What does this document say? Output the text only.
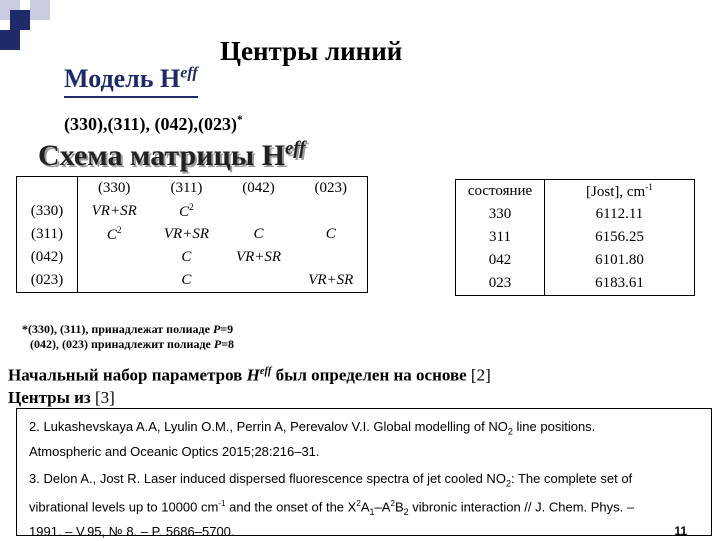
Центры линий
Модель $H^{eff}$
(330),(311), (042),(023)*
Схема матрицы $H^{eff}$
	(330)	(311)	(042)	(023)
(330)	VR+SR	$C^2$		
(311)	$C^2$	VR+SR	C	C
(042)		C	VR+SR	
(023)		C		VR+SR
состояние	[Jost], $cm^{-1}$
330	6112.11
311	6156.25
042	6101.80
023	6183.61
*(330), (311), принадлежат полиаде P=9
(042), (023) принадлежит полиаде P=8
Начальный набор параметров $H^{eff}$ был определен на основе [2]
Центры из [3]
2. Lukashevskaya A.A, Lyulin O.M., Perrin A, Perevalov V.I. Global modelling of $NO_2$ line positions.
Atmospheric and Oceanic Optics 2015;28:216–31.
3. Delon A., Jost R. Laser induced dispersed fluorescence spectra of jet cooled $NO_2$: The complete set of
vibrational levels up to 10000 $cm^{-1}$ and the onset of the $X^2A_1-A^2B_2$ vibronic interaction // J. Chem. Phys. –
1991. – V.95, № 8. – P. 5686–5700.	11
